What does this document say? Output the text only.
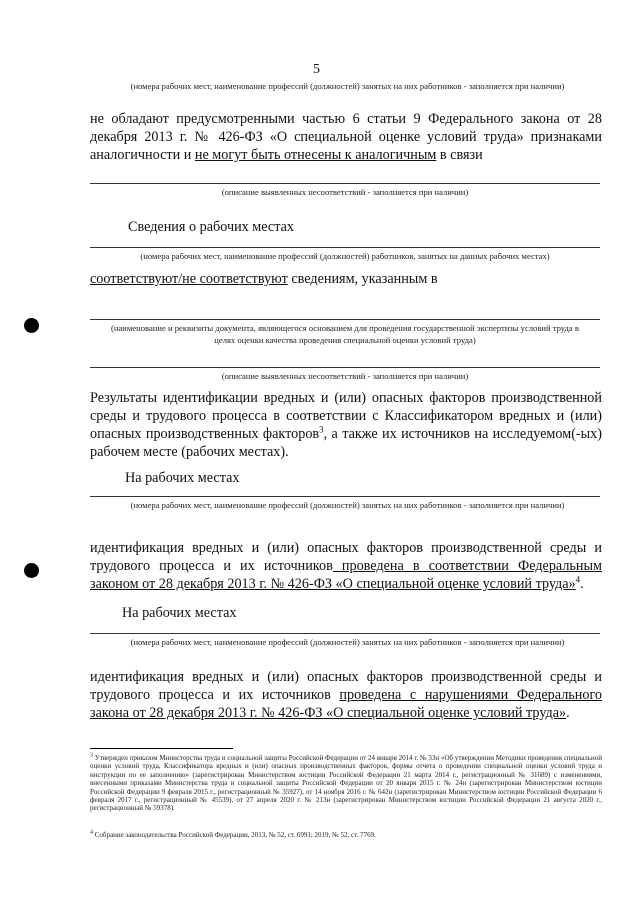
5
(номера рабочих мест, наименование профессий (должностей) занятых на них работников - заполняется при наличии)
не обладают предусмотренными частью 6 статьи 9 Федерального закона от 28 декабря 2013 г. № 426-ФЗ «О специальной оценке условий труда» признаками аналогичности и не могут быть отнесены к аналогичным в связи
(описание выявленных несоответствий - заполняется при наличии)
Сведения о рабочих местах
(номера рабочих мест, наименование профессий (должностей) работников, занятых на данных рабочих местах)
соответствуют/не соответствуют сведениям, указанным в
(наименование и реквизиты документа, являющегося основанием для проведения государственной экспертизы условий труда в целях оценки качества проведения специальной оценки условий труда)
(описание выявленных несоответствий - заполняется при наличии)
Результаты идентификации вредных и (или) опасных факторов производственной среды и трудового процесса в соответствии с Классификатором вредных и (или) опасных производственных факторов$^3$, а также их источников на исследуемом(-ых) рабочем месте (рабочих местах).
На рабочих местах
(номера рабочих мест, наименование профессий (должностей) занятых на них работников - заполняется при наличии)
идентификация вредных и (или) опасных факторов производственной среды и трудового процесса и их источников проведена в соответствии Федеральным законом от 28 декабря 2013 г. № 426-ФЗ «О специальной оценке условий труда»$^4$.
На рабочих местах
(номера рабочих мест, наименование профессий (должностей) занятых на них работников - заполняется при наличии)
идентификация вредных и (или) опасных факторов производственной среды и трудового процесса и их источников проведена с нарушениями Федерального закона от 28 декабря 2013 г. № 426-ФЗ «О специальной оценке условий труда».
$^3$ Утвержден приказом Министерства труда и социальной защиты Российской Федерации от 24 января 2014 г. № 33н «Об утверждении Методики проведения специальной оценки условий труда, Классификатора вредных и (или) опасных производственных факторов, формы отчета о проведении специальной оценки условий труда и инструкции по ее заполнению» (зарегистрирован Министерством юстиции Российской Федерации 21 марта 2014 г., регистрационный № 31689) с изменениями, внесенными приказами Министерства труда и социальной защиты Российской Федерации от 20 января 2015 г. № 24н (зарегистрирован Министерством юстиции Российской Федерации 9 февраля 2015 г., регистрационный № 35927), от 14 ноября 2016 г. № 642н (зарегистрирован Министерством юстиции Российской Федерации 6 февраля 2017 г., регистрационный № 45539), от 27 апреля 2020 г. № 213н (зарегистрирован Министерством юстиции Российской Федерации 21 августа 2020 г., регистрационный № 59378).
$^4$ Собрание законодательства Российской Федерации, 2013, № 52, ст. 6991; 2019, № 52, ст. 7769.
